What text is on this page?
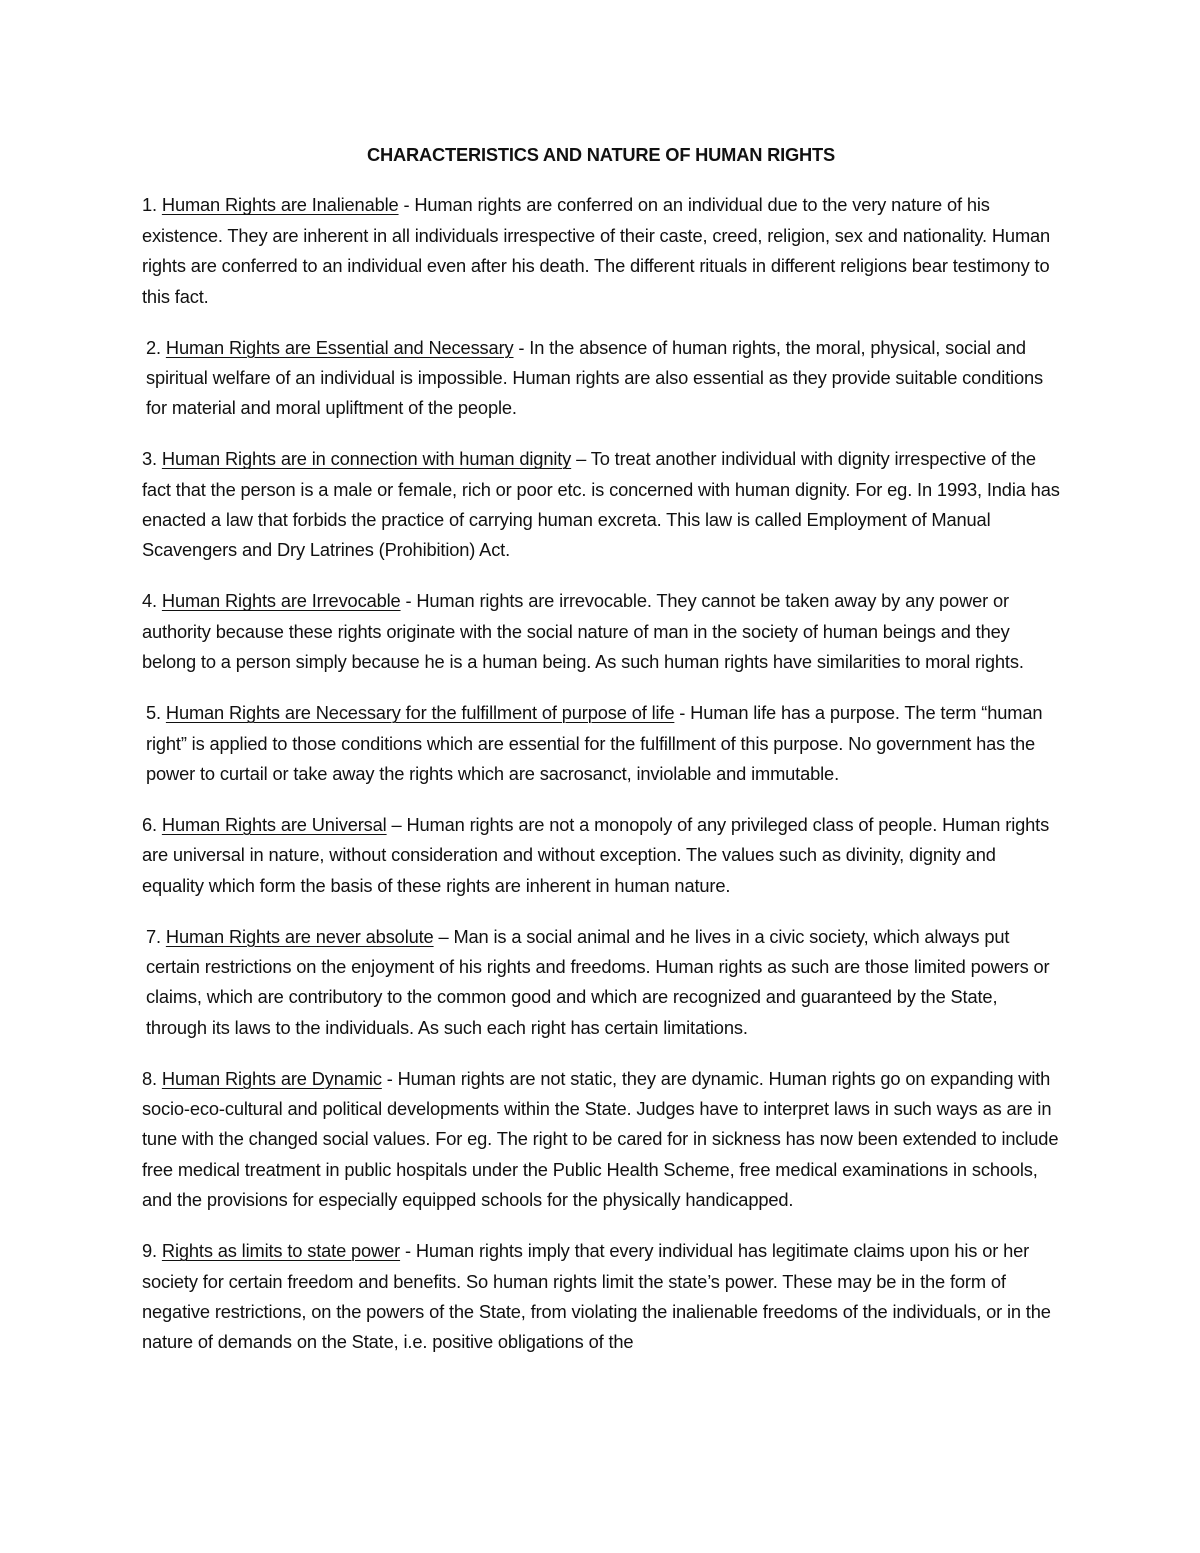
CHARACTERISTICS AND NATURE OF HUMAN RIGHTS

1. Human Rights are Inalienable - Human rights are conferred on an individual due to the very nature of his existence. They are inherent in all individuals irrespective of their caste, creed, religion, sex and nationality. Human rights are conferred to an individual even after his death. The different rituals in different religions bear testimony to this fact.

2. Human Rights are Essential and Necessary - In the absence of human rights, the moral, physical, social and spiritual welfare of an individual is impossible. Human rights are also essential as they provide suitable conditions for material and moral upliftment of the people.

3. Human Rights are in connection with human dignity – To treat another individual with dignity irrespective of the fact that the person is a male or female, rich or poor etc. is concerned with human dignity. For eg. In 1993, India has enacted a law that forbids the practice of carrying human excreta. This law is called Employment of Manual Scavengers and Dry Latrines (Prohibition) Act.

4. Human Rights are Irrevocable - Human rights are irrevocable. They cannot be taken away by any power or authority because these rights originate with the social nature of man in the society of human beings and they belong to a person simply because he is a human being. As such human rights have similarities to moral rights.

5. Human Rights are Necessary for the fulfillment of purpose of life - Human life has a purpose. The term “human right” is applied to those conditions which are essential for the fulfillment of this purpose. No government has the power to curtail or take away the rights which are sacrosanct, inviolable and immutable.

6. Human Rights are Universal – Human rights are not a monopoly of any privileged class of people. Human rights are universal in nature, without consideration and without exception. The values such as divinity, dignity and equality which form the basis of these rights are inherent in human nature.

7. Human Rights are never absolute – Man is a social animal and he lives in a civic society, which always put certain restrictions on the enjoyment of his rights and freedoms. Human rights as such are those limited powers or claims, which are contributory to the common good and which are recognized and guaranteed by the State, through its laws to the individuals. As such each right has certain limitations.

8. Human Rights are Dynamic - Human rights are not static, they are dynamic. Human rights go on expanding with socio-eco-cultural and political developments within the State. Judges have to interpret laws in such ways as are in tune with the changed social values. For eg. The right to be cared for in sickness has now been extended to include free medical treatment in public hospitals under the Public Health Scheme, free medical examinations in schools, and the provisions for especially equipped schools for the physically handicapped.

9. Rights as limits to state power - Human rights imply that every individual has legitimate claims upon his or her society for certain freedom and benefits. So human rights limit the state’s power. These may be in the form of negative restrictions, on the powers of the State, from violating the inalienable freedoms of the individuals, or in the nature of demands on the State, i.e. positive obligations of the
